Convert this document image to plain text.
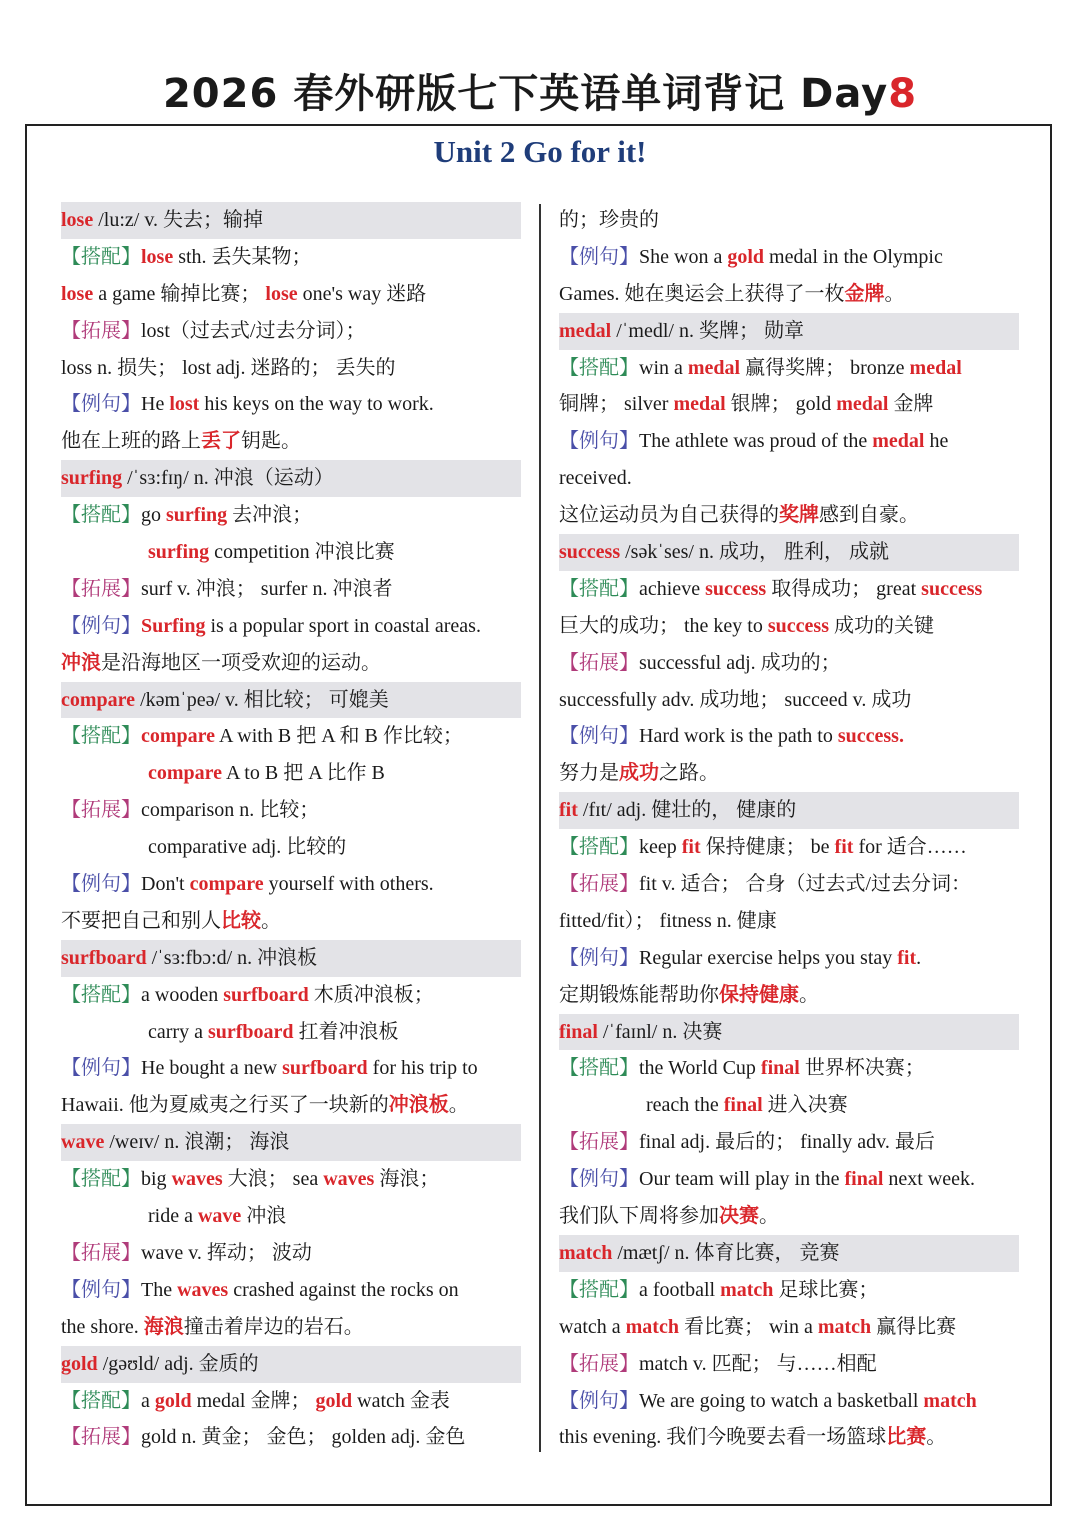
2026 春外研版七下英语单词背记 Day8
Unit 2 Go for it!
lose /lu:z/ v. 失去；输掉
【搭配】lose sth. 丢失某物；
lose a game 输掉比赛； lose one's way 迷路
【拓展】lost（过去式/过去分词）；
loss n. 损失； lost adj. 迷路的； 丢失的
【例句】He lost his keys on the way to work.
他在上班的路上丢了钥匙。
surfing /ˈsɜ:fɪŋ/ n. 冲浪（运动）
【搭配】go surfing 去冲浪；
surfing competition 冲浪比赛
【拓展】surf v. 冲浪； surfer n. 冲浪者
【例句】Surfing is a popular sport in coastal areas.
冲浪是沿海地区一项受欢迎的运动。
compare /kəmˈpeə/ v. 相比较； 可媲美
【搭配】compare A with B 把 A 和 B 作比较；
compare A to B 把 A 比作 B
【拓展】comparison n. 比较；
comparative adj. 比较的
【例句】Don't compare yourself with others.
不要把自己和别人比较。
surfboard /ˈsɜ:fbɔ:d/ n. 冲浪板
【搭配】a wooden surfboard 木质冲浪板；
carry a surfboard 扛着冲浪板
【例句】He bought a new surfboard for his trip to
Hawaii. 他为夏威夷之行买了一块新的冲浪板。
wave /weɪv/ n. 浪潮； 海浪
【搭配】big waves 大浪； sea waves 海浪；
ride a wave 冲浪
【拓展】wave v. 挥动； 波动
【例句】The waves crashed against the rocks on
the shore. 海浪撞击着岸边的岩石。
gold /gəʊld/ adj. 金质的
【搭配】a gold medal 金牌； gold watch 金表
【拓展】gold n. 黄金； 金色； golden adj. 金色
的；珍贵的
【例句】She won a gold medal in the Olympic
Games. 她在奥运会上获得了一枚金牌。
medal /ˈmedl/ n. 奖牌； 勋章
【搭配】win a medal 赢得奖牌； bronze medal
铜牌； silver medal 银牌； gold medal 金牌
【例句】The athlete was proud of the medal he
received.
这位运动员为自己获得的奖牌感到自豪。
success /səkˈses/ n. 成功， 胜利， 成就
【搭配】achieve success 取得成功； great success
巨大的成功； the key to success 成功的关键
【拓展】successful adj. 成功的；
successfully adv. 成功地； succeed v. 成功
【例句】Hard work is the path to success.
努力是成功之路。
fit /fɪt/ adj. 健壮的， 健康的
【搭配】keep fit 保持健康； be fit for 适合……
【拓展】fit v. 适合； 合身（过去式/过去分词：
fitted/fit）； fitness n. 健康
【例句】Regular exercise helps you stay fit.
定期锻炼能帮助你保持健康。
final /ˈfaɪnl/ n. 决赛
【搭配】the World Cup final 世界杯决赛；
reach the final 进入决赛
【拓展】final adj. 最后的； finally adv. 最后
【例句】Our team will play in the final next week.
我们队下周将参加决赛。
match /mætʃ/ n. 体育比赛， 竞赛
【搭配】a football match 足球比赛；
watch a match 看比赛； win a match 赢得比赛
【拓展】match v. 匹配； 与……相配
【例句】We are going to watch a basketball match
this evening. 我们今晚要去看一场篮球比赛。
